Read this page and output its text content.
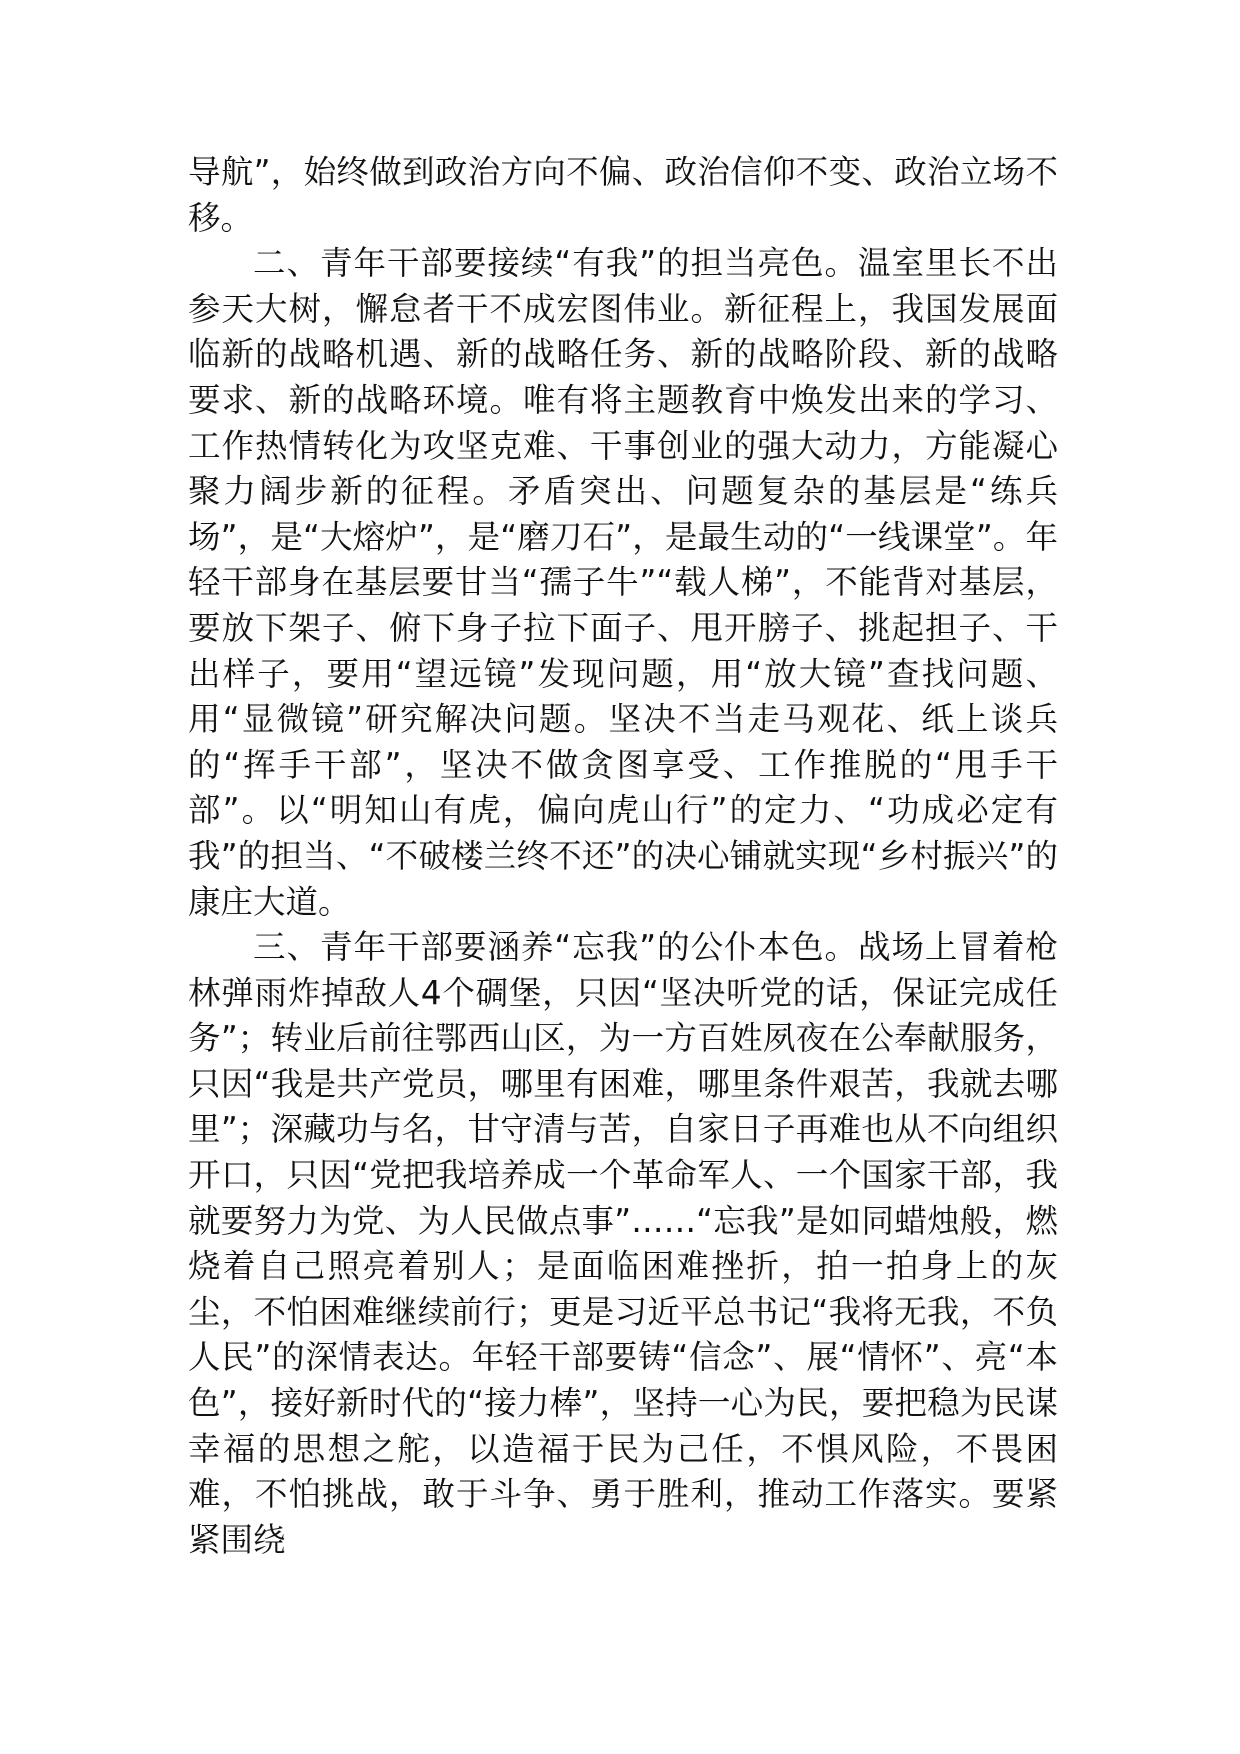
导航”，始终做到政治方向不偏、政治信仰不变、政治立场不移。

二、青年干部要接续“有我”的担当亮色。温室里长不出参天大树，懈怠者干不成宏图伟业。新征程上，我国发展面临新的战略机遇、新的战略任务、新的战略阶段、新的战略要求、新的战略环境。唯有将主题教育中焕发出来的学习、工作热情转化为攻坚克难、干事创业的强大动力，方能凝心聚力阔步新的征程。矛盾突出、问题复杂的基层是“练兵场”，是“大熔炉”，是“磨刀石”，是最生动的“一线课堂”。年轻干部身在基层要甘当“孺子牛”“载人梯”，不能背对基层，要放下架子、俯下身子拉下面子、甩开膀子、挑起担子、干出样子，要用“望远镜”发现问题，用“放大镜”查找问题、用“显微镜”研究解决问题。坚决不当走马观花、纸上谈兵的“挥手干部”，坚决不做贪图享受、工作推脱的“甩手干部”。以“明知山有虎，偏向虎山行”的定力、“功成必定有我”的担当、“不破楼兰终不还”的决心铺就实现“乡村振兴”的康庄大道。

三、青年干部要涵养“忘我”的公仆本色。战场上冒着枪林弹雨炸掉敌人4个碉堡，只因“坚决听党的话，保证完成任务”；转业后前往鄂西山区，为一方百姓夙夜在公奉献服务，只因“我是共产党员，哪里有困难，哪里条件艰苦，我就去哪里”；深藏功与名，甘守清与苦，自家日子再难也从不向组织开口，只因“党把我培养成一个革命军人、一个国家干部，我就要努力为党、为人民做点事”……“忘我”是如同蜡烛般，燃烧着自己照亮着别人；是面临困难挫折，拍一拍身上的灰尘，不怕困难继续前行；更是习近平总书记“我将无我，不负人民”的深情表达。年轻干部要铸“信念”、展“情怀”、亮“本色”，接好新时代的“接力棒”，坚持一心为民，要把稳为民谋幸福的思想之舵，以造福于民为己任，不惧风险，不畏困难，不怕挑战，敢于斗争、勇于胜利，推动工作落实。要紧紧围绕
